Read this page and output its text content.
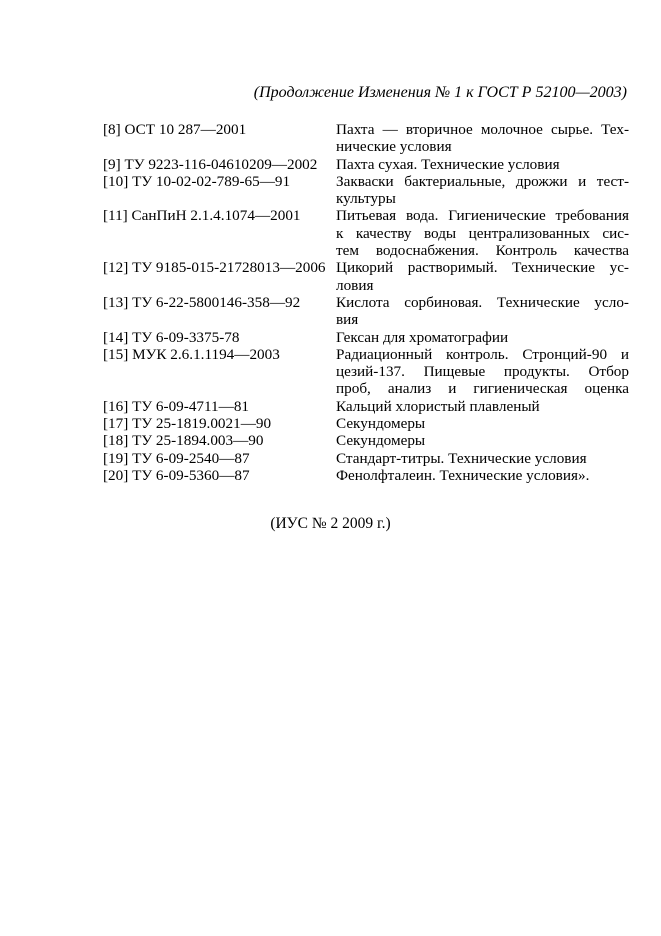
(Продолжение Изменения № 1 к ГОСТ Р 52100—2003)
[8] ОСТ 10 287—2001	Пахта — вторичное молочное сырье. Тех-
нические условия
[9] ТУ 9223-116-04610209—2002	Пахта сухая. Технические условия
[10] ТУ 10-02-02-789-65—91	Закваски бактериальные, дрожжи и тест-
культуры
[11] СанПиН 2.1.4.1074—2001	Питьевая вода. Гигиенические требования
к качеству воды централизованных сис-
тем водоснабжения. Контроль качества
[12] ТУ 9185-015-21728013—2006 Цикорий растворимый. Технические ус-
ловия
[13] ТУ 6-22-5800146-358—92	Кислота сорбиновая. Технические усло-
вия
[14] ТУ 6-09-3375-78	Гексан для хроматографии
[15] МУК 2.6.1.1194—2003	Радиационный контроль. Стронций-90 и
цезий-137. Пищевые продукты. Отбор
проб, анализ и гигиеническая оценка
[16] ТУ 6-09-4711—81	Кальций хлористый плавленый
[17] ТУ 25-1819.0021—90	Секундомеры
[18] ТУ 25-1894.003—90	Секундомеры
[19] ТУ 6-09-2540—87	Стандарт-титры. Технические условия
[20] ТУ 6-09-5360—87	Фенолфталеин. Технические условия».
(ИУС № 2 2009 г.)
